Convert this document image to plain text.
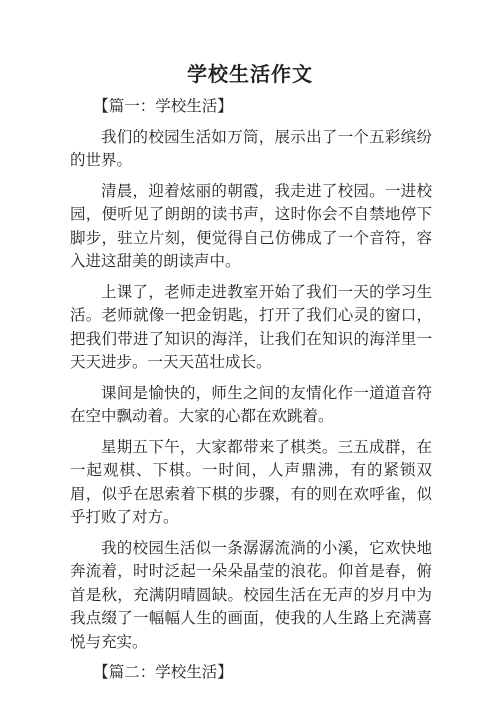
学校生活作文

【篇一：学校生活】

我们的校园生活如万筒，展示出了一个五彩缤纷的世界。

清晨，迎着炫丽的朝霞，我走进了校园。一进校园，便听见了朗朗的读书声，这时你会不自禁地停下脚步，驻立片刻，便觉得自己仿佛成了一个音符，容入进这甜美的朗读声中。

上课了，老师走进教室开始了我们一天的学习生活。老师就像一把金钥匙，打开了我们心灵的窗口，把我们带进了知识的海洋，让我们在知识的海洋里一天天进步。一天天茁壮成长。

课间是愉快的，师生之间的友情化作一道道音符在空中飘动着。大家的心都在欢跳着。

星期五下午，大家都带来了棋类。三五成群，在一起观棋、下棋。一时间，人声鼎沸，有的紧锁双眉，似乎在思索着下棋的步骤，有的则在欢呼雀，似乎打败了对方。

我的校园生活似一条潺潺流淌的小溪，它欢快地奔流着，时时泛起一朵朵晶莹的浪花。仰首是春，俯首是秋，充满阴晴圆缺。校园生活在无声的岁月中为我点缀了一幅幅人生的画面，使我的人生路上充满喜悦与充实。

【篇二：学校生活】
